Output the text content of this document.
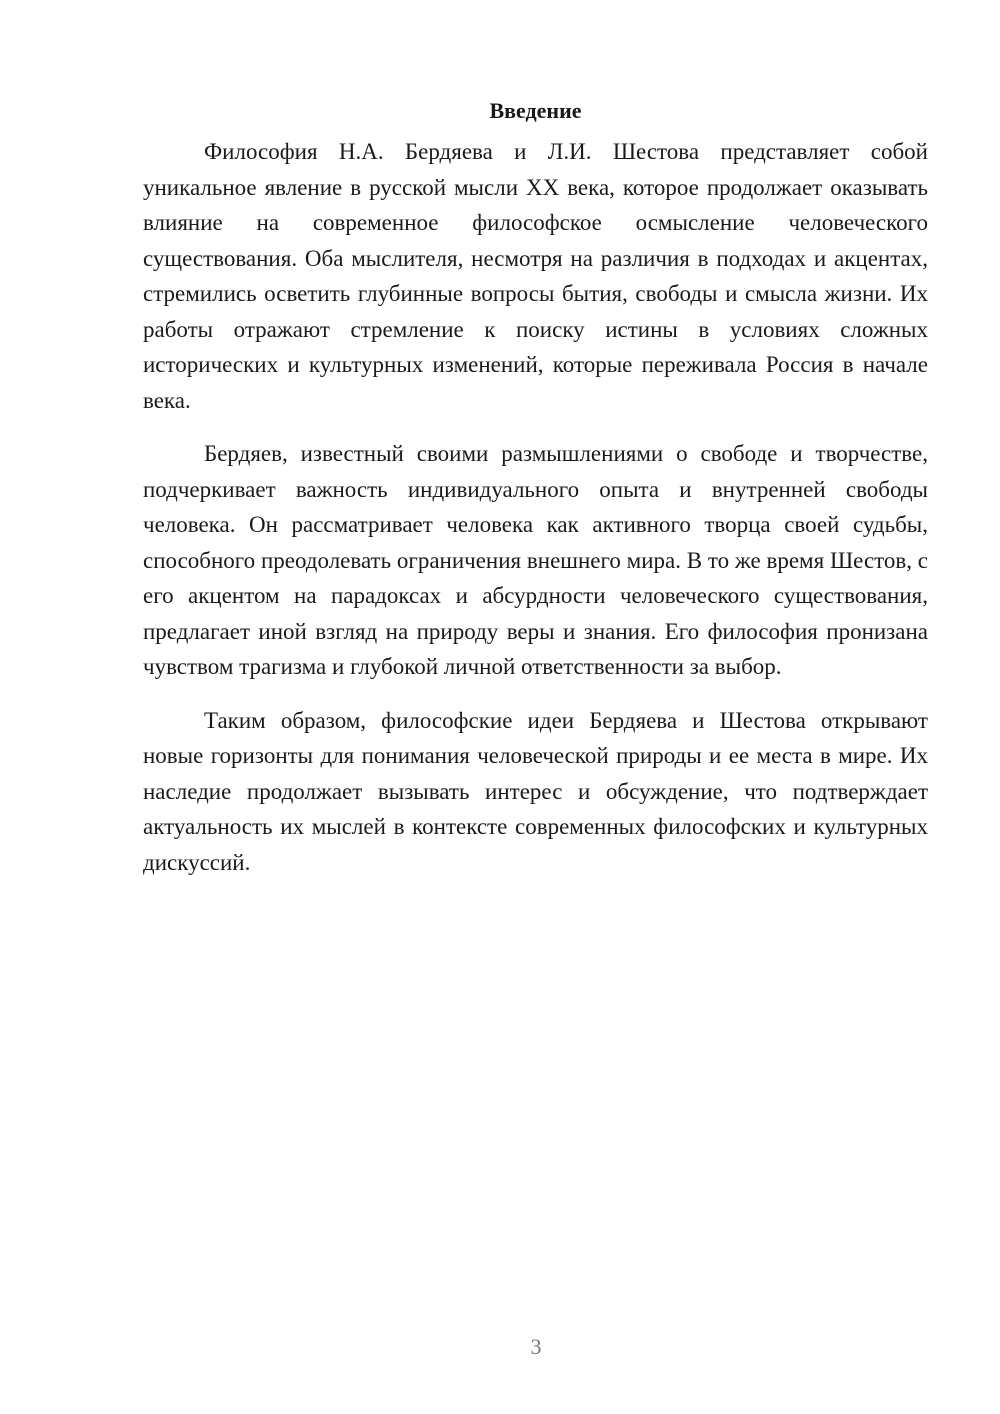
Введение

Философия Н.А. Бердяева и Л.И. Шестова представляет собой уникальное явление в русской мысли XX века, которое продолжает оказывать влияние на современное философское осмысление человеческого существования. Оба мыслителя, несмотря на различия в подходах и акцентах, стремились осветить глубинные вопросы бытия, свободы и смысла жизни. Их работы отражают стремление к поиску истины в условиях сложных исторических и культурных изменений, которые переживала Россия в начале века.

Бердяев, известный своими размышлениями о свободе и творчестве, подчеркивает важность индивидуального опыта и внутренней свободы человека. Он рассматривает человека как активного творца своей судьбы, способного преодолевать ограничения внешнего мира. В то же время Шестов, с его акцентом на парадоксах и абсурдности человеческого существования, предлагает иной взгляд на природу веры и знания. Его философия пронизана чувством трагизма и глубокой личной ответственности за выбор.

Таким образом, философские идеи Бердяева и Шестова открывают новые горизонты для понимания человеческой природы и ее места в мире. Их наследие продолжает вызывать интерес и обсуждение, что подтверждает актуальность их мыслей в контексте современных философских и культурных дискуссий.

3
